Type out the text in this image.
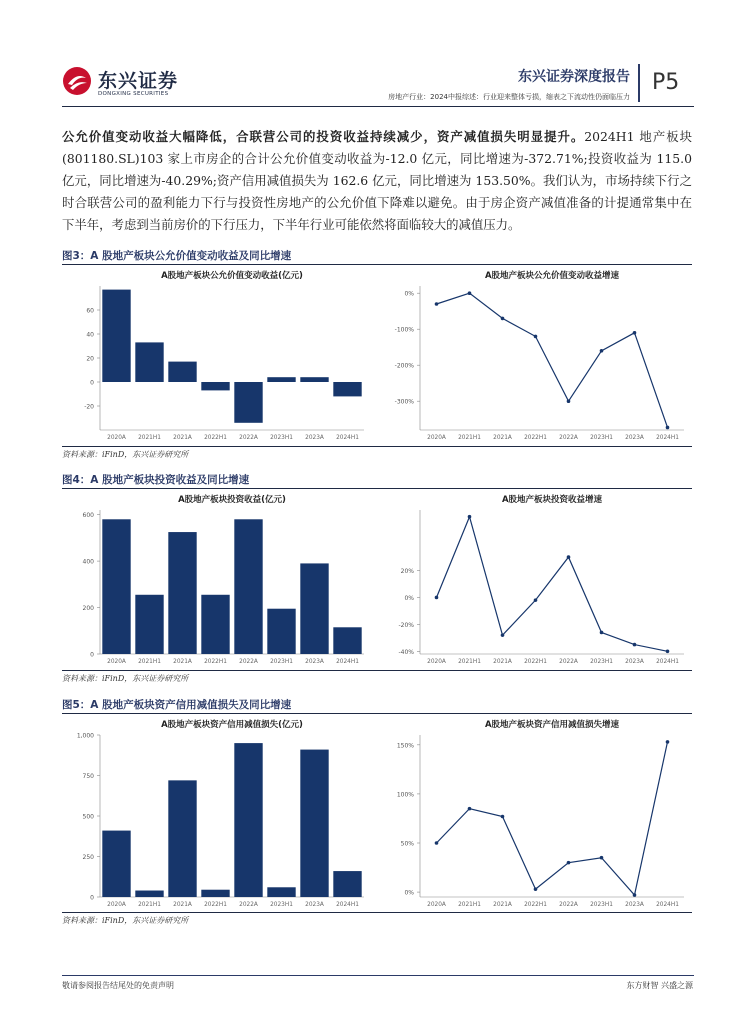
东兴证券
DONGXING SECURITIES
东兴证券深度报告 P5
房地产行业：2024中报综述：行业迎来整体亏损，缩表之下流动性仍面临压力
公允价值变动收益大幅降低，合联营公司的投资收益持续减少，资产减值损失明显提升。2024H1 地产板块(801180.SL)103 家上市房企的合计公允价值变动收益为-12.0 亿元，同比增速为-372.71%;投资收益为 115.0 亿元，同比增速为-40.29%;资产信用减值损失为 162.6 亿元，同比增速为 153.50%。我们认为，市场持续下行之时合联营公司的盈利能力下行与投资性房地产的公允价值下降难以避免。由于房企资产减值准备的计提通常集中在下半年，考虑到当前房价的下行压力，下半年行业可能依然将面临较大的减值压力。
图3：A 股地产板块公允价值变动收益及同比增速
A股地产板块公允价值变动收益(亿元)
-20
0
20
40
60
2020A 2021H1 2021A 2022H1 2022A 2023H1 2023A 2024H1
A股地产板块公允价值变动收益增速
0%
-100%
-200%
-300%
2020A 2021H1 2021A 2022H1 2022A 2023H1 2023A 2024H1
资料来源：iFinD，东兴证券研究所
图4：A 股地产板块投资收益及同比增速
A股地产板块投资收益(亿元)
0
200
400
600
2020A 2021H1 2021A 2022H1 2022A 2023H1 2023A 2024H1
A股地产板块投资收益增速
20%
0%
-20%
-40%
2020A 2021H1 2021A 2022H1 2022A 2023H1 2023A 2024H1
资料来源：iFinD，东兴证券研究所
图5：A 股地产板块资产信用减值损失及同比增速
A股地产板块资产信用减值损失(亿元)
0
250
500
750
1,000
2020A 2021H1 2021A 2022H1 2022A 2023H1 2023A 2024H1
A股地产板块资产信用减值损失增速
0%
50%
100%
150%
2020A 2021H1 2021A 2022H1 2022A 2023H1 2023A 2024H1
资料来源：iFinD，东兴证券研究所
敬请参阅报告结尾处的免责声明	东方财智 兴盛之源
